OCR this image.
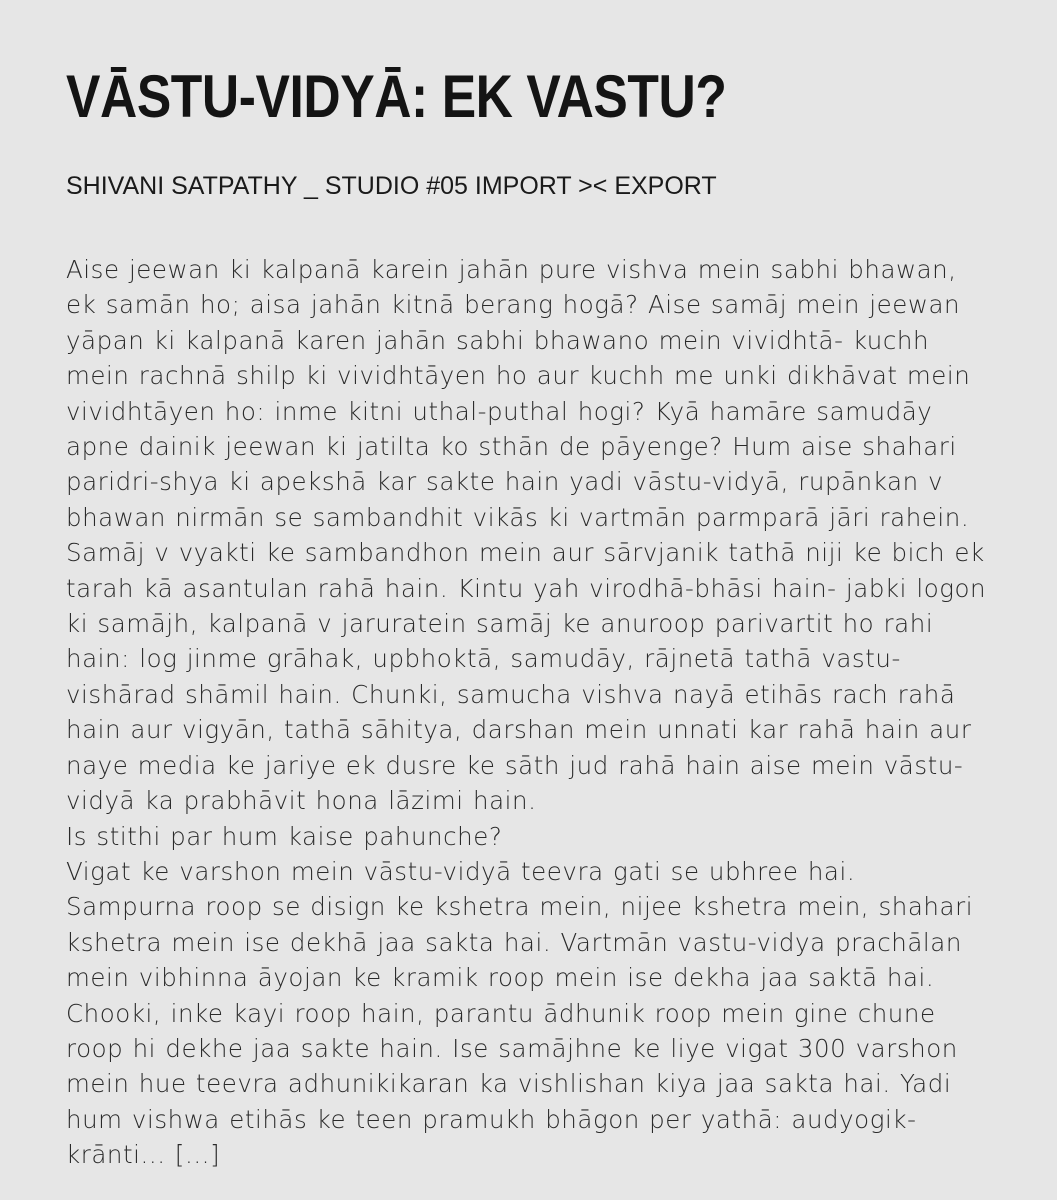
VĀSTU-VIDYĀ: EK VASTU?

SHIVANI SATPATHY _ STUDIO #05 IMPORT >< EXPORT

Aise jeewan ki kalpanā karein jahān pure vishva mein sabhi bhawan, ek samān ho; aisa jahān kitnā berang hogā? Aise samāj mein jeewan yāpan ki kalpanā karen jahān sabhi bhawano mein vividhtā- kuchh mein rachnā shilp ki vividhtāyen ho aur kuchh me unki dikhāvat mein vividhtāyen ho: inme kitni uthal-puthal hogi? Kyā hamāre samudāy apne dainik jeewan ki jatilta ko sthān de pāyenge? Hum aise shahari paridri-shya ki apekshā kar sakte hain yadi vāstu-vidyā, rupānkan v bhawan nirmān se sambandhit vikās ki vartmān parmparā jāri rahein. Samāj v vyakti ke sambandhon mein aur sārvjanik tathā niji ke bich ek tarah kā asantulan rahā hain. Kintu yah virodhā-bhāsi hain- jabki logon ki samājh, kalpanā v jaruratein samāj ke anuroop parivartit ho rahi hain: log jinme grāhak, upbhoktā, samudāy, rājnetā tathā vastu-vishārad shāmil hain. Chunki, samucha vishva nayā etihās rach rahā hain aur vigyān, tathā sāhitya, darshan mein unnati kar rahā hain aur naye media ke jariye ek dusre ke sāth jud rahā hain aise mein vāstu-vidyā ka prabhāvit hona lāzimi hain.

Is stithi par hum kaise pahunche?

Vigat ke varshon mein vāstu-vidyā teevra gati se ubhree hai. Sampurna roop se disign ke kshetra mein, nijee kshetra mein, shahari kshetra mein ise dekhā jaa sakta hai. Vartmān vastu-vidya prachālan mein vibhinna āyojan ke kramik roop mein ise dekha jaa saktā hai. Chooki, inke kayi roop hain, parantu ādhunik roop mein gine chune roop hi dekhe jaa sakte hain. Ise samājhne ke liye vigat 300 varshon mein hue teevra adhunikikaran ka vishlishan kiya jaa sakta hai. Yadi hum vishwa etihās ke teen pramukh bhāgon per yathā: audyogik-krānti... [...]
